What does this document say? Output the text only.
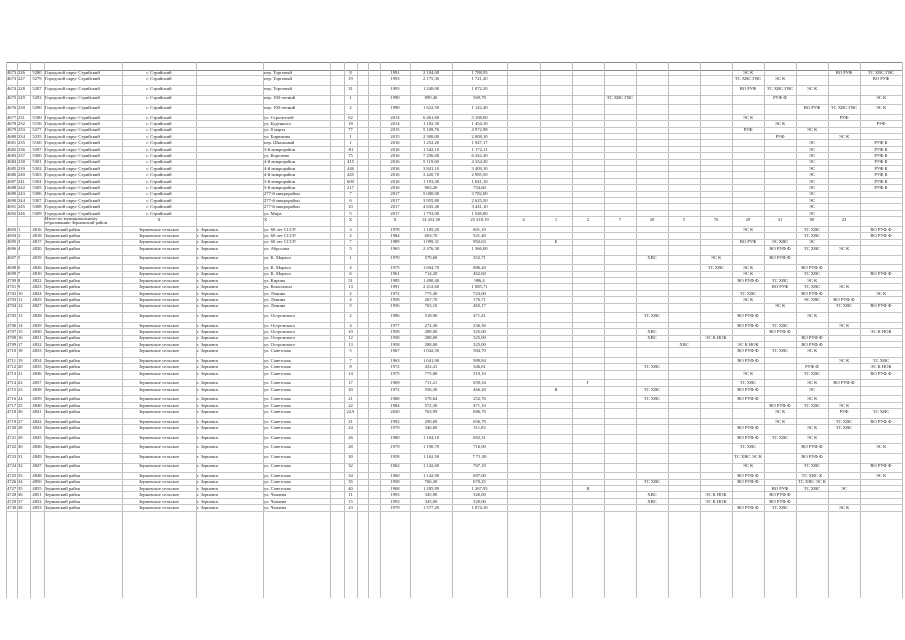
4673 226	5280 Городской округ Стрийский	г. Стрийский	пер. Торговый	8	1991	2 104,00	1 788,93	ЭС К	ВО РУФ	ТС ХВС ГВС
4673 227	5279 Городской округ Стрийский	г. Стрийский	пер. Торговый	19	1993	2 175,30	1 721,20	ТС ХВС ГВС	ЭС К	ВО РУФ
4674 228	5287 Городской округ Стрийский	г. Стрийский	пер. Торговый	31	1993	1 240,00	1 072,20	ВО РУФ	ТС ХВС ГВС	ЭС К
4675 229	5293 Городской округ Стрийский	г. Стрийский	пер. 100-летний	1	1990	899,40	569,78	ТС ХВС ГВС	РУФ Ф	ЭС К
4676 230	5290 Городской округ Стрийский	г. Стрийский	пер. 100-летний	2	1990	1 622,50	1 142,40	ВО РУФ	ТС ХВС ГВС	ЭС К
4677 231	5180 Городской округ Стрийский	г. Стрийский	ул. Строителей	62	2014	6 461,60	5 108,00	ЭС К	РУФ
4678 232	5156 Городской округ Стрийский	г. Стрийский	ул. Буденного	18	2014	1 182,30	1 454,10	ЭС К	РУФ
4679 233	5277 Городской округ Стрийский	г. Стрийский	ул. 8 марта	77	2015	5 109,76	4 972,98	РУФ	ЭС К
4680 234	5235 Городской округ Стрийский	г. Стрийский	ул. Бирюкова	1	2015	2 300,00	2 008,10	РУФ	ЭС К
4681 235	5160 Городской округ Стрийский	г. Стрийский	пер. Школьный	1	2016	1 252,20	1 047,17	ЭС	РУФ К
4682 236	5297 Городской округ Стрийский	г. Стрийский	3-й микрорайон	-81	2016	1 342,10	1 172,11	ЭС	РУФ К
4683 237	5300 Городской округ Стрийский	г. Стрийский	ул. Королева	75	2016	7 256,00	6 342,30	ЭС	РУФ К
4684 238	5301 Городской округ Стрийский	г. Стрийский	4-й микрорайон	415	2016	5 119,60	4 334,30	ЭС	РУФ К
4685 239	5302 Городской округ Стрийский	г. Стрийский	4-й микрорайон	446	2016	3 841,10	3 409,10	ЭС	РУФ К
4686 240	5303 Городской округ Стрийский	г. Стрийский	4-й микрорайон	445	2016	3 420,70	2 985,50	ЭС	РУФ К
4687 241	5304 Городской округ Стрийский	г. Стрийский	3-й микрорайон	600	2016	1 193,40	1 041,10	ЭС	РУФ К
4688 242	5305 Городской округ Стрийский	г. Стрийский	3-й микрорайон	217	2016	963,20	754,60	ЭС	РУФ К
4689 243	5306 Городской округ Стрийский	г. Стрийский	277-й микрорайон	7	2017	5 000,00	3 782,00	ЭС
4690 244	5307 Городской округ Стрийский	г. Стрийский	277-й микрорайон	6	2017	3 955,80	2 625,50	ЭС
4691 245	5308 Городской округ Стрийский	г. Стрийский	277-й микрорайон	10	2017	4 635,40	3 441,10	ЭС
4692 246	5309 Городской округ Стрийский	г. Стрийский	ул. Мира	5	2017	1 753,00	1 546,00	ЭС
Итого по муниципальному образованию Зерновский район
Х	Х	Х	Х	14 452,50	25 318,19	4	1	2	7	20	5	76	29	31	90	23
4693 1	4816 Зерновский район	Зерновское сельское	г. Зерновск	ул. 60 лет СССР	3	1978	1 105,20	601,10	ЭС К	ТС ХВС	ВО РУФ Ф
4694 2	4818 Зерновский район	Зерновское сельское	г. Зерновск	ул. 60 лет СССР	2	1984	603,70	521,40	ТС ХВС	ВО РУФ Ф
4695 3	4817 Зерновский район	Зерновское сельское	г. Зерновск	ул. 60 лет СССР	7	1989	1 099,31	992,63	Б	ВО РУФ	ЭС ХВС	ЭС
4696 4	4820 Зерновский район	Зерновское сельское	г. Зерновск	ул. Абросова	5	1965	2 476,30	1 366,00	ВО РУФ Ф	ТС ХВС	ЭС К
4697 5	4819 Зерновский район	Зерновское сельское	г. Зерновск	ул. К. Маркса	1	1970	579,68	352,71	ХВС	ЭС К	ВО РУФ Ф
4698 6	4826 Зерновский район	Зерновское сельское	г. Зерновск	ул. К. Маркса	4	1975	1 694,70	886,20	ТС ХВС	ЭС К	ВО РУФ Ф
4699 7	4810 Зерновский район	Зерновское сельское	г. Зерновск	ул. К. Маркса	6	1961	714,20	462,60	ЭС К	ТС ХВС	ВО РУФ Ф
4700 8	4822 Зерновский район	Зерновское сельское	г. Зерновск	ул. Кирова	51	1985	1 490,40	986,4	ВО РУФ Ф	ТС ХВС	ЭС К
4701 9	4823 Зерновский район	Зерновское сельское	г. Зерновск	ул. Комсомола	13	1991	2 412,60	1 085,71	ВО РУФ	ТС ХВС	ЭС К
4702 10	4824 Зерновский район	Зерновское сельское	г. Зерновск	ул. Ленина	2	1972	775,40	723,00	ТС ХВС	ВО РУФ Ф	ЭС К
4703 11	4825 Зерновский район	Зерновское сельское	г. Зерновск	ул. Ленина	4	1958	267,70	176,71	ЭС К	ЭС ХВС	ВО РУФ Ф
4704 12	4827 Зерновский район	Зерновское сельское	г. Зерновск	ул. Ленина	5	1956	763,10	465,17	ЭС К	ТС ХВС	ВО РУФ Ф
4705 13	4828 Зерновский район	Зерновское сельское	г. Зерновск	ул. Островского	2	1986	518,96	471,41	ТС ХВС	ВО РУФ Ф	ЭС К
4706 14	4829 Зерновский район	Зерновское сельское	г. Зерновск	ул. Островского	4	1977	272,30	236,30	ВО РУФ Ф	ТС ХВС	ЭС К
4707 15	4830 Зерновский район	Зерновское сельское	г. Зерновск	ул. Островского	10	1958	288,00	325,00	ХВС	ВО РУФ Ф	ЭС К НОК
4708 16	4831 Зерновский район	Зерновское сельское	г. Зерновск	ул. Островского	12	1958	288,00	325,00	ХВС	ЭС К НОК	ВО РУФ Ф
4709 17	4832 Зерновский район	Зерновское сельское	г. Зерновск	ул. Островского	13	1958	288,00	325,00	ХВС	ЭС К НОК	ВО РУФ Ф
4710 18	4833 Зерновский район	Зерновское сельское	г. Зерновск	ул. Советская	5	1967	1 042,50	584,70	ВО РУФ Ф	ТС ХВС	ЭС К
4711 19	4834 Зерновский район	Зерновское сельское	г. Зерновск	ул. Советская	7	1963	1 041,90	989,84	ВО РУФ Ф	ЭС К	ТС ХВС
4712 20	4835 Зерновский район	Зерновское сельское	г. Зерновск	ул. Советская	8	1972	452,41	346,61	ТС ХВС	РУФ Ф	ЭС К НОК
4713 21	4836 Зерновский район	Зерновское сельское	г. Зерновск	ул. Советская	14	1975	775,80	519,10	ЭС К	ТС ХВС	ВО РУФ Ф
4714 22	4837 Зерновский район	Зерновское сельское	г. Зерновск	ул. Советская	17	1969	711,21	650,34	Г	ТС ХВС	ЭС К	ВО РУФ Ф
4715 23	4838 Зерновский район	Зерновское сельское	г. Зерновск	ул. Советская	20	1972	556,30	466,20	К	ТС ХВС	ВО РУФ Ф	ЭС
4716 24	4839 Зерновский район	Зерновское сельское	г. Зерновск	ул. Советская	21	1968	578,64	252,76	ТС ХВС	ВО РУФ Ф	ЭС К
4717 25	4840 Зерновский район	Зерновское сельское	г. Зерновск	ул. Советская	22	1984	572,30	471,10	ВО РУФ Ф	ТС ХВС	ЭС К
4718 26	4841 Зерновский район	Зерновское сельское	г. Зерновск	ул. Советская	22А	2020	763,99	686,70	ЭС К	РУФ	ТС ХВС
4719 27	4842 Зерновский район	Зерновское сельское	г. Зерновск	ул. Советская	21	1992	290,69	656,79	ЭС К	ТС ХВС	ВО РУФ Ф
4720 28	4843 Зерновский район	Зерновское сельское	г. Зерновск	ул. Советская	24	1979	346,60	311,83	ВО РУФ Ф	ЭС К	ТС ХВС
4721 29	4845 Зерновский район	Зерновское сельское	г. Зерновск	ул. Советская	26	1980	1 104,10	692,31	ВО РУФ Ф	ТС ХВС	ЭС К
4722 30	4846 Зерновский район	Зерновское сельское	г. Зерновск	ул. Советская	28	1979	1 190,70	716,90	ТС ХВС	ВО РУФ Ф	ЭС К
4723 31	4849 Зерновский район	Зерновское сельское	г. Зерновск	ул. Советская	30	1958	1 162,50	7 71,30	ТС ХВС ЭС К	ВО РУФ Ф
4724 32	4847 Зерновский район	Зерновское сельское	г. Зерновск	ул. Советская	32	1962	1 142,60	767,10	ЭС К	ТС ХВС	ВО РУФ Ф
4725 33	4848 Зерновский район	Зерновское сельское	г. Зерновск	ул. Советская	34	1960	1 142,90	697,00	ВО РУФ Ф	ТС ХВС К	ЭС К
4726 34	4850 Зерновский район	Зерновское сельское	г. Зерновск	ул. Советская	35	1958	766,30	670,25	ТС ХВС	ВО РУФ Ф	ТС ХВС ЭС К
4727 35	4855 Зерновский район	Зерновское сельское	г. Зерновск	ул. Советская	40	1968	1 285,89	1 267,93	К	ВО РУФ	ТС ХВС	ЭС
4728 36	4851 Зерновский район	Зерновское сельское	г. Зерновск	ул. Чапаева	11	1993	345,90	320,00	ХВС	ЭС К НОК	ВО РУФ Ф
4729 37	4852 Зерновский район	Зерновское сельское	г. Зерновск	ул. Чапаева	15	1993	345,00	320,00	ХВС	ЭС К НОК	ВО РУФ Ф
4730 38	4853 Зерновский район	Зерновское сельское	г. Зерновск	ул. Чапаева	23	1979	1 577,20	1 074,10	ВО РУФ Ф	ТС ХВС	ЭС К
